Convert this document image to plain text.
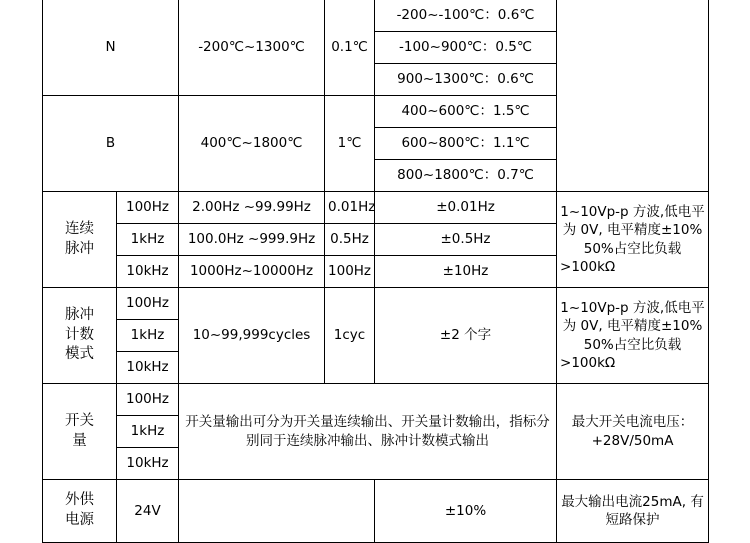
N		-200℃~1300℃	0.1℃	-200~-100℃：0.6℃	
				-100~900℃：0.5℃	
				900~1300℃：0.6℃	
B		400℃~1800℃	1℃	400~600℃：1.5℃	
				600~800℃：1.1℃	
				800~1800℃：0.7℃	

连续
脉冲	100Hz	2.00Hz ~99.99Hz	0.01Hz	±0.01Hz	1~10Vp-p 方波,低电平为 0V, 电平精度±10% 50%占空比负载>100kΩ
	1kHz	100.0Hz ~999.9Hz	0.5Hz	±0.5Hz	
	10kHz	1000Hz~10000Hz	100Hz	±10Hz	

脉冲
计数
模式	100Hz	10~99,999cycles	1cyc	±2 个字	1~10Vp-p 方波,低电平为 0V, 电平精度±10% 50%占空比负载>100kΩ
	1kHz				
	10kHz				

开关
量	100Hz	开关量输出可分为开关量连续输出、开关量计数输出，指标分别同于连续脉冲输出、脉冲计数模式输出			最大开关电流电压：+28V/50mA
	1kHz				
	10kHz				

外供
电源	24V			±10%	最大输出电流25mA, 有短路保护
